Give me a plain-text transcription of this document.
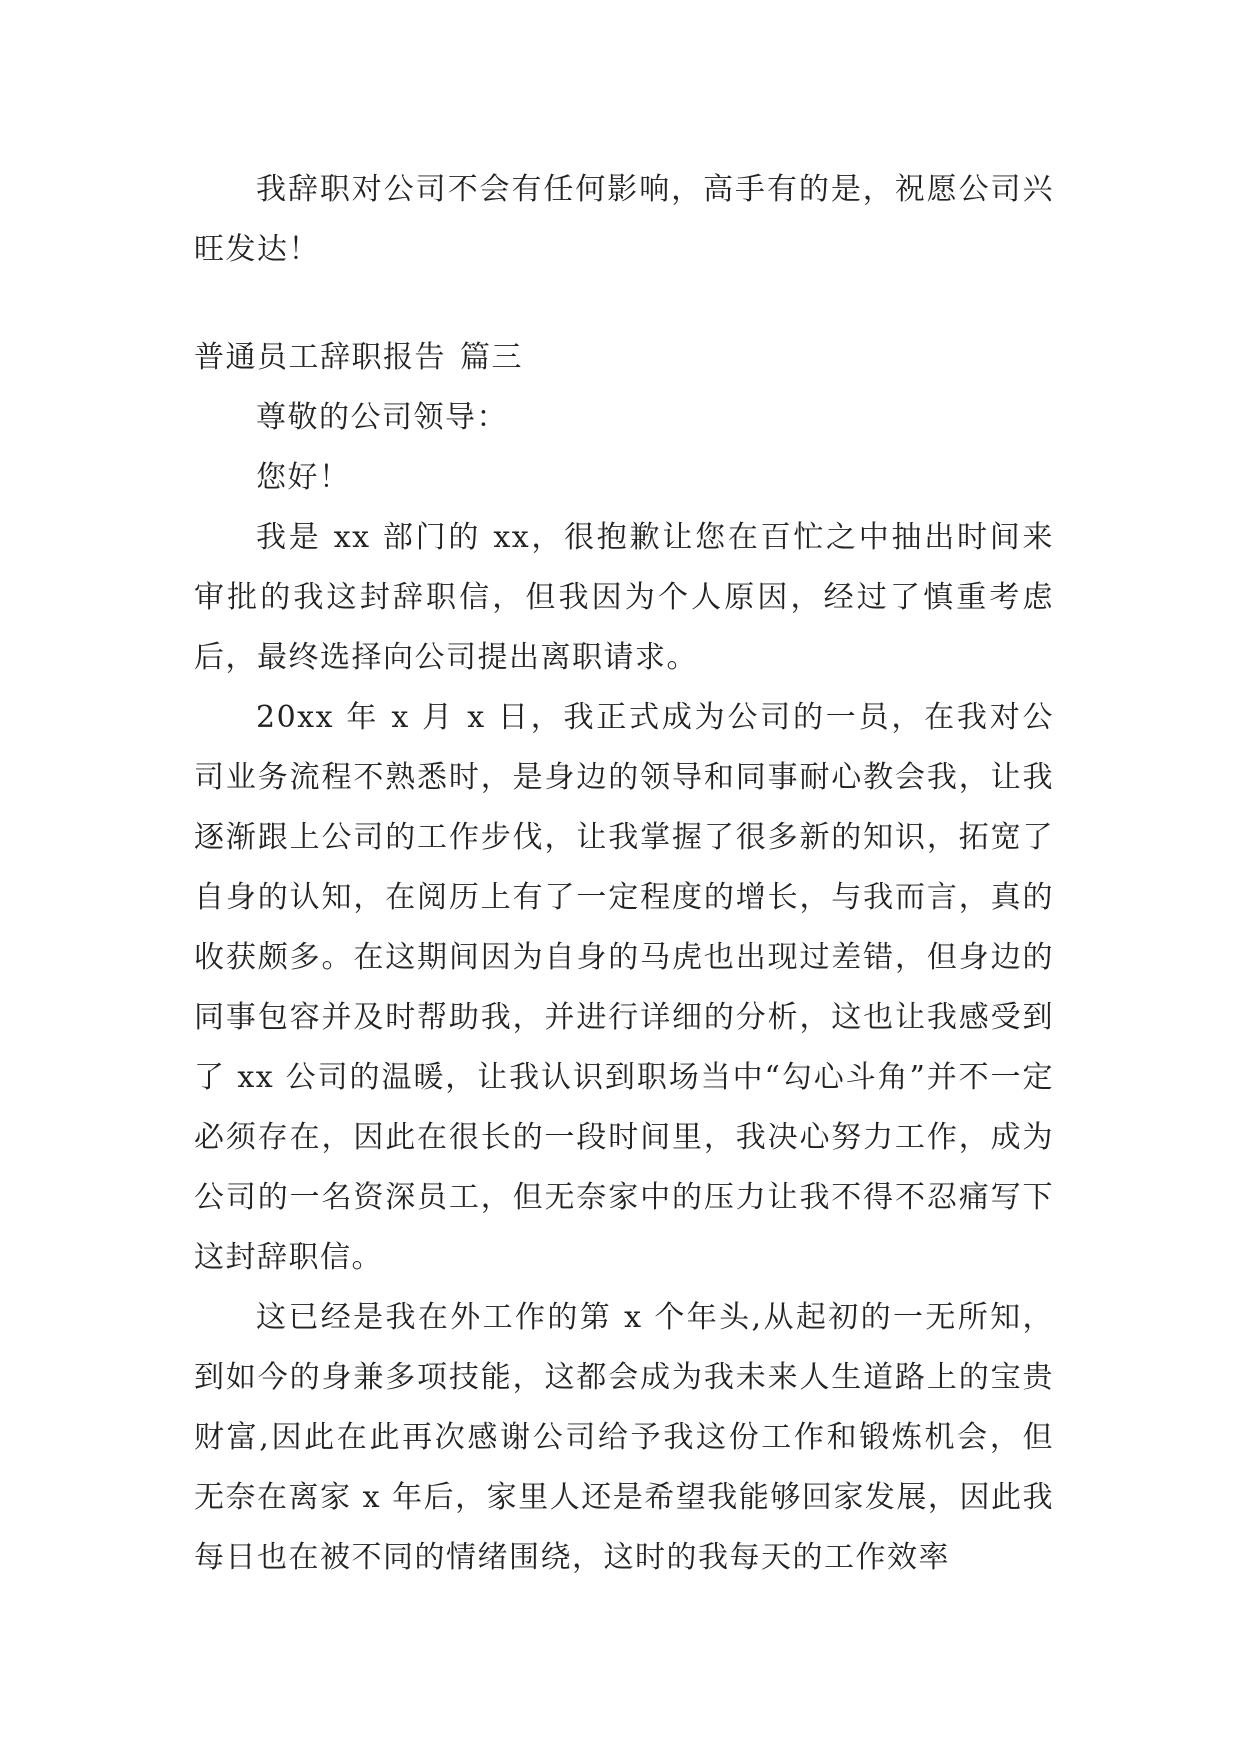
我辞职对公司不会有任何影响，高手有的是，祝愿公司兴旺发达！

普通员工辞职报告 篇三

尊敬的公司领导：

您好！

我是 xx 部门的 xx，很抱歉让您在百忙之中抽出时间来审批的我这封辞职信，但我因为个人原因，经过了慎重考虑后，最终选择向公司提出离职请求。

20xx 年 x 月 x 日，我正式成为公司的一员，在我对公司业务流程不熟悉时，是身边的领导和同事耐心教会我，让我逐渐跟上公司的工作步伐，让我掌握了很多新的知识，拓宽了自身的认知，在阅历上有了一定程度的增长，与我而言，真的收获颇多。在这期间因为自身的马虎也出现过差错，但身边的同事包容并及时帮助我，并进行详细的分析，这也让我感受到了 xx 公司的温暖，让我认识到职场当中“勾心斗角”并不一定必须存在，因此在很长的一段时间里，我决心努力工作，成为公司的一名资深员工，但无奈家中的压力让我不得不忍痛写下这封辞职信。

这已经是我在外工作的第 x 个年头,从起初的一无所知，到如今的身兼多项技能，这都会成为我未来人生道路上的宝贵财富,因此在此再次感谢公司给予我这份工作和锻炼机会，但无奈在离家 x 年后，家里人还是希望我能够回家发展，因此我每日也在被不同的情绪围绕，这时的我每天的工作效率
